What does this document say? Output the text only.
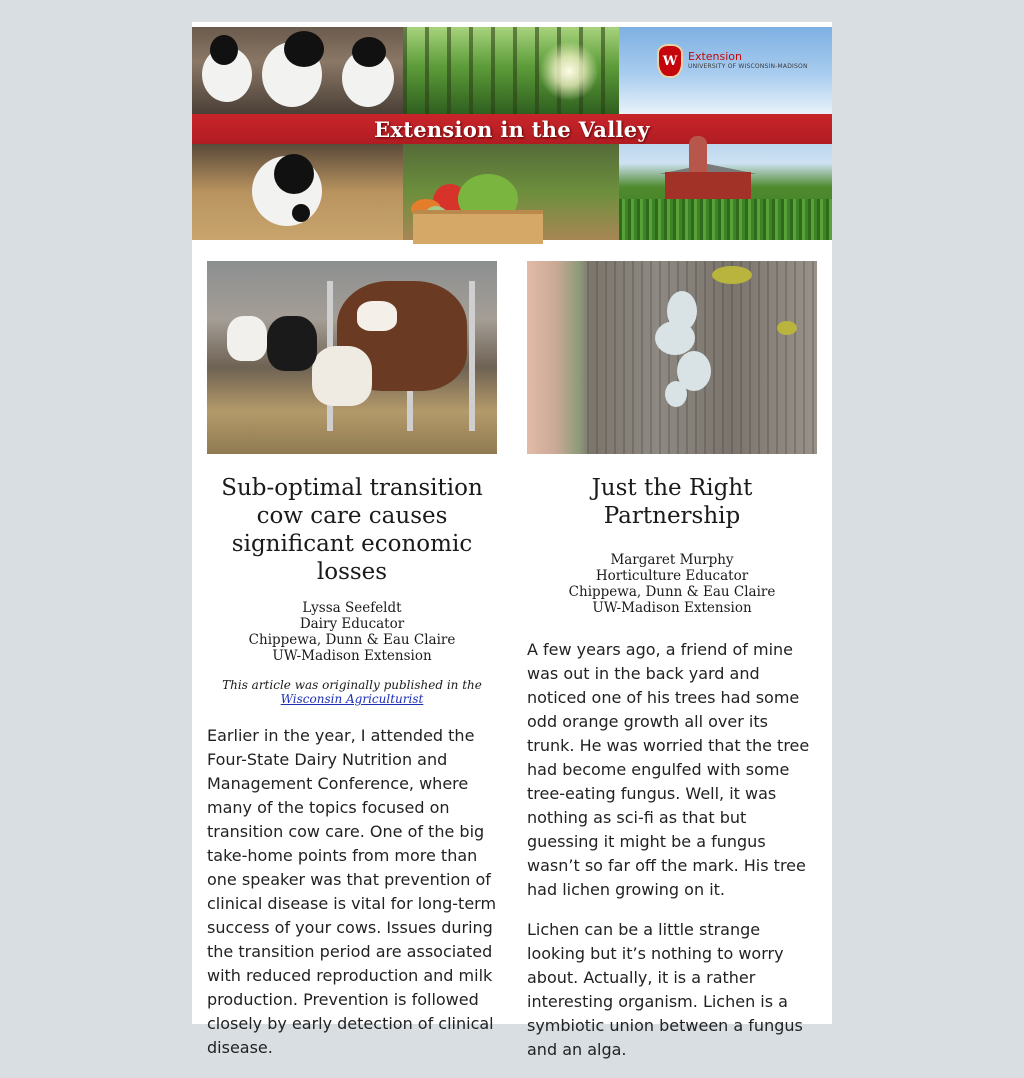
W Extension
UNIVERSITY OF WISCONSIN-MADISON
Extension in the Valley
Sub-optimal transition cow care causes significant economic losses
Lyssa Seefeldt
Dairy Educator
Chippewa, Dunn & Eau Claire
UW-Madison Extension
This article was originally published in the Wisconsin Agriculturist

Earlier in the year, I attended the Four-State Dairy Nutrition and Management Conference, where many of the topics focused on transition cow care. One of the big take-home points from more than one speaker was that prevention of clinical disease is vital for long-term success of your cows. Issues during the transition period are associated with reduced reproduction and milk production. Prevention is followed closely by early detection of clinical disease.

Just the Right Partnership
Margaret Murphy
Horticulture Educator
Chippewa, Dunn & Eau Claire
UW-Madison Extension

A few years ago, a friend of mine was out in the back yard and noticed one of his trees had some odd orange growth all over its trunk. He was worried that the tree had become engulfed with some tree-eating fungus. Well, it was nothing as sci-fi as that but guessing it might be a fungus wasn’t so far off the mark. His tree had lichen growing on it.

Lichen can be a little strange looking but it’s nothing to worry about. Actually, it is a rather interesting organism. Lichen is a symbiotic union between a fungus and an alga.
